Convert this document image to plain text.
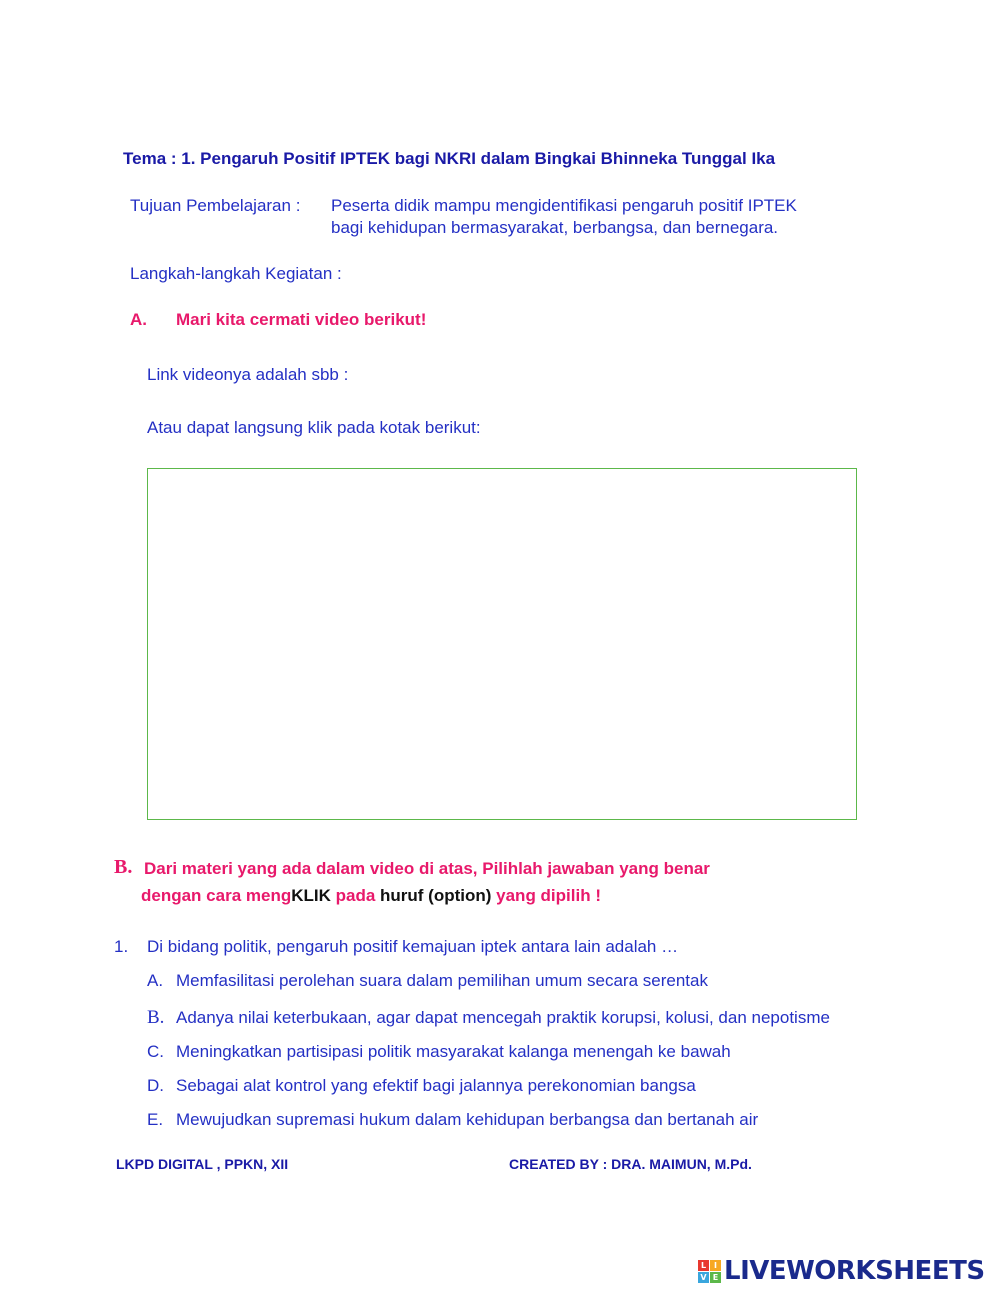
Tema : 1. Pengaruh Positif IPTEK bagi NKRI dalam Bingkai Bhinneka Tunggal Ika
Tujuan Pembelajaran : Peserta didik mampu mengidentifikasi pengaruh positif IPTEK
bagi kehidupan bermasyarakat, berbangsa, dan bernegara.
Langkah-langkah Kegiatan :
A. Mari kita cermati video berikut!
Link videonya adalah sbb :
Atau dapat langsung klik pada kotak berikut:
B. Dari materi yang ada dalam video di atas, Pilihlah jawaban yang benar
dengan cara mengKLIK pada huruf (option) yang dipilih !
1. Di bidang politik, pengaruh positif kemajuan iptek antara lain adalah …
A. Memfasilitasi perolehan suara dalam pemilihan umum secara serentak
B. Adanya nilai keterbukaan, agar dapat mencegah praktik korupsi, kolusi, dan nepotisme
C. Meningkatkan partisipasi politik masyarakat kalanga menengah ke bawah
D. Sebagai alat kontrol yang efektif bagi jalannya perekonomian bangsa
E. Mewujudkan supremasi hukum dalam kehidupan berbangsa dan bertanah air
LKPD DIGITAL , PPKN, XII	CREATED BY : DRA. MAIMUN, M.Pd.
L I
V E LIVEWORKSHEETS
